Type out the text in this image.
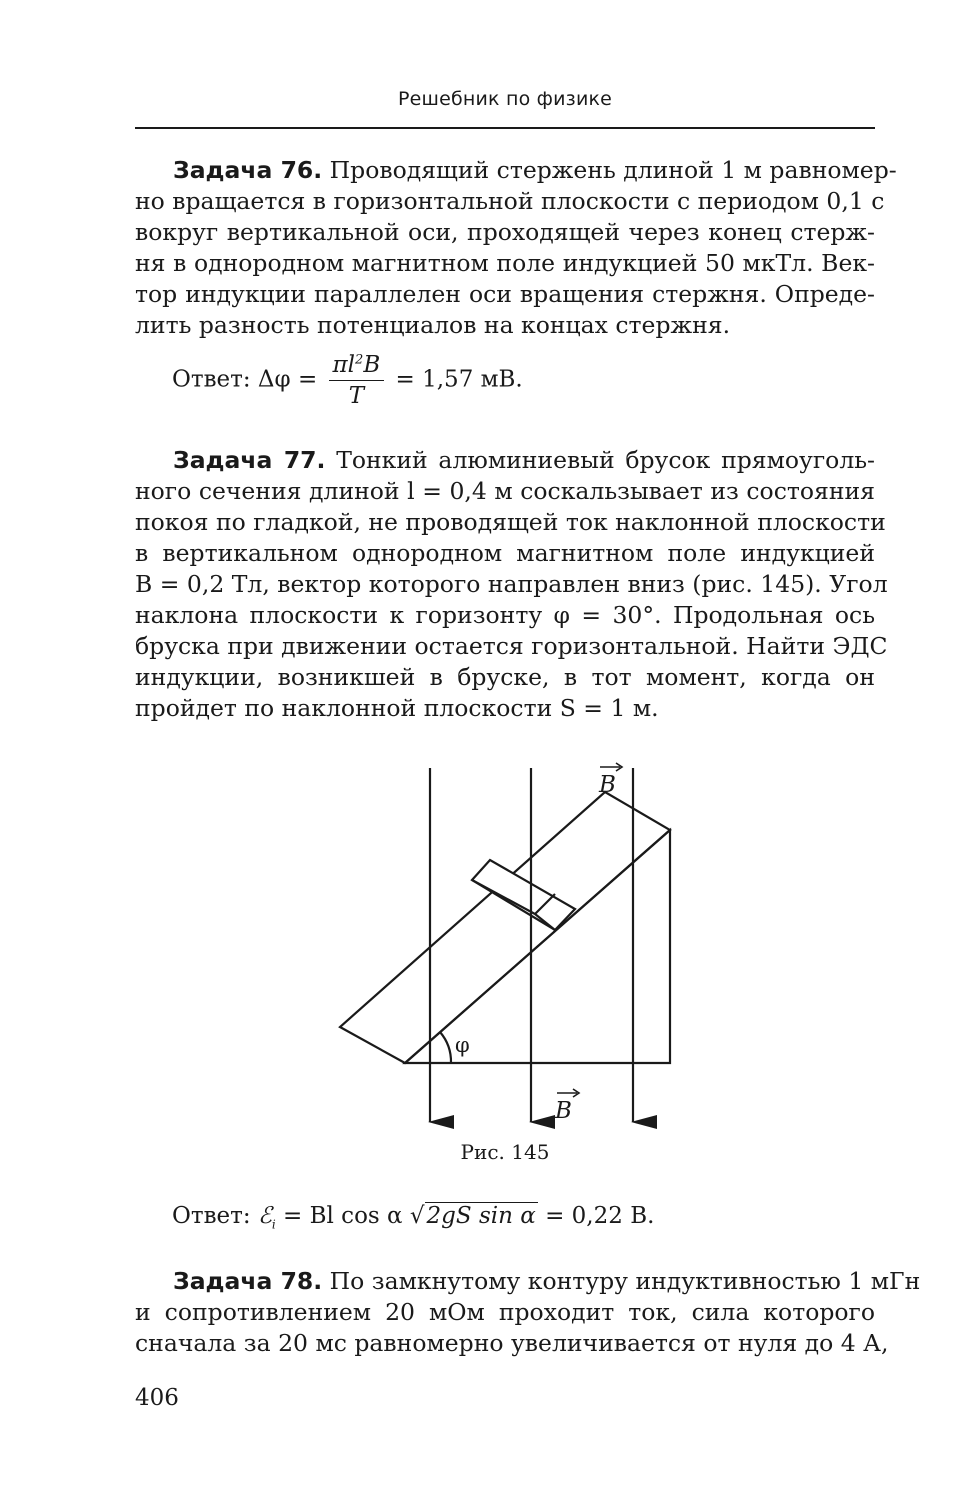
Решебник по физике
Задача 76. Проводящий стержень длиной 1 м равномер-
но вращается в горизонтальной плоскости с периодом 0,1 с
вокруг вертикальной оси, проходящей через конец стерж-
ня в однородном магнитном поле индукцией 50 мкТл. Век-
тор индукции параллелен оси вращения стержня. Опреде-
лить разность потенциалов на концах стержня.
Ответ: $\Delta\varphi = \frac{\pi l^2B}{T} = 1,57$ мВ.
Задача 77. Тонкий алюминиевый брусок прямоуголь-
ного сечения длиной l = 0,4 м соскальзывает из состояния
покоя по гладкой, не проводящей ток наклонной плоскости
в вертикальном однородном магнитном поле индукцией
B = 0,2 Тл, вектор которого направлен вниз (рис. 145). Угол
наклона плоскости к горизонту φ = 30°. Продольная ось
бруска при движении остается горизонтальной. Найти ЭДС
индукции, возникшей в бруске, в тот момент, когда он
пройдет по наклонной плоскости S = 1 м.
B
B
φ
Рис. 145
Ответ: ℰ$_i$ = Bl cos α √2gS sin α = 0,22 В.
Задача 78. По замкнутому контуру индуктивностью 1 мГн
и сопротивлением 20 мОм проходит ток, сила которого
сначала за 20 мс равномерно увеличивается от нуля до 4 А,
406
